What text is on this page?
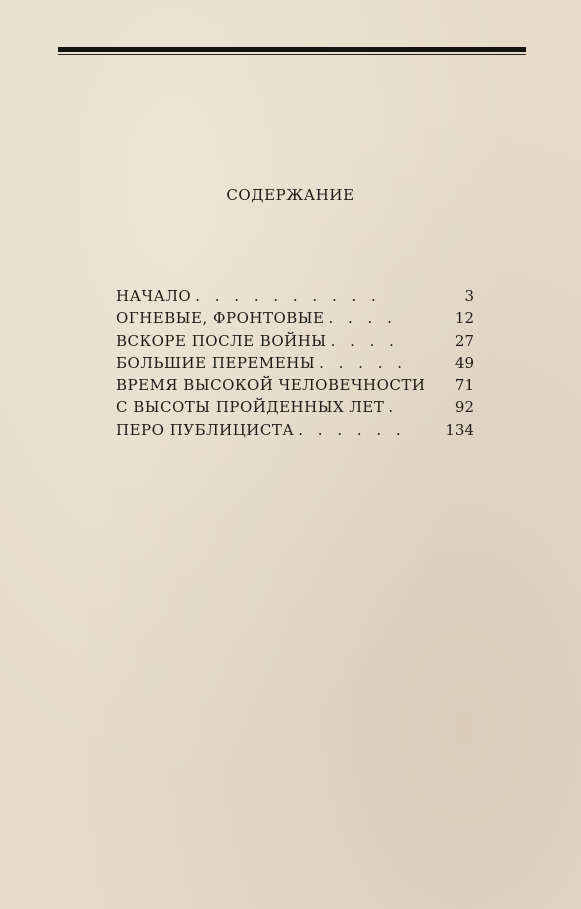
СОДЕРЖАНИЕ
НАЧАЛО . . . . . . . . . .	3
ОГНЕВЫЕ, ФРОНТОВЫЕ . . . .	12
ВСКОРЕ ПОСЛЕ ВОЙНЫ . . . .	27
БОЛЬШИЕ ПЕРЕМЕНЫ . . . . .	49
ВРЕМЯ ВЫСОКОЙ ЧЕЛОВЕЧНОСТИ	71
С ВЫСОТЫ ПРОЙДЕННЫХ ЛЕТ .	92
ПЕРО ПУБЛИЦИСТА . . . . . .	134
